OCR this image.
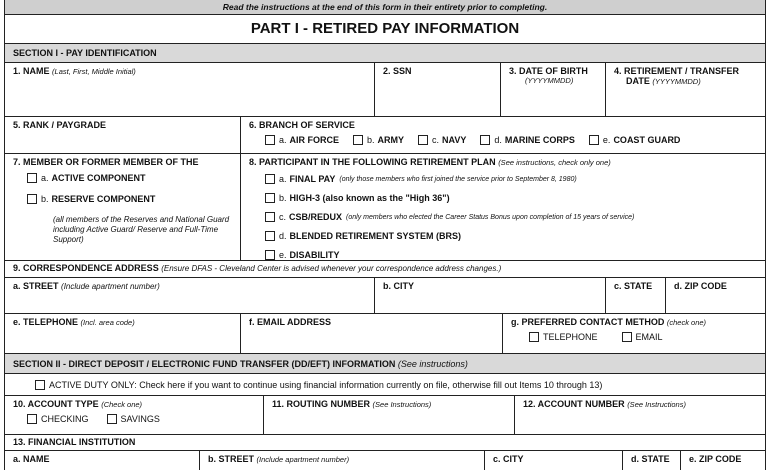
Read the instructions at the end of this form in their entirety prior to completing.
PART I - RETIRED PAY INFORMATION
SECTION I - PAY IDENTIFICATION
1. NAME (Last, First, Middle Initial)	2. SSN	3. DATE OF BIRTH
(YYYYMMDD)
4. RETIREMENT / TRANSFER
DATE (YYYYMMDD)
5. RANK / PAYGRADE	6. BRANCH OF SERVICE
a. AIR FORCE	b. ARMY	c. NAVY	d. MARINE CORPS	e. COAST GUARD
7. MEMBER OR FORMER MEMBER OF THE
a. ACTIVE COMPONENT
b. RESERVE COMPONENT
(all members of the Reserves and National Guard including Active Guard/ Reserve and Full-Time Support)
8. PARTICIPANT IN THE FOLLOWING RETIREMENT PLAN (See instructions, check only one)
a. FINAL PAY (only those members who first joined the service prior to September 8, 1980)
b. HIGH-3 (also known as the "High 36")
c. CSB/REDUX (only members who elected the Career Status Bonus upon completion of 15 years of service)
d. BLENDED RETIREMENT SYSTEM (BRS)
e. DISABILITY
9. CORRESPONDENCE ADDRESS (Ensure DFAS - Cleveland Center is advised whenever your correspondence address changes.)
a. STREET (Include apartment number)	b. CITY	c. STATE	d. ZIP CODE
e. TELEPHONE (Incl. area code)	f. EMAIL ADDRESS	g. PREFERRED CONTACT METHOD (check one)
TELEPHONE	EMAIL
SECTION II - DIRECT DEPOSIT / ELECTRONIC FUND TRANSFER (DD/EFT) INFORMATION (See instructions)
ACTIVE DUTY ONLY: Check here if you want to continue using financial information currently on file, otherwise fill out Items 10 through 13)
10. ACCOUNT TYPE (Check one)
CHECKING	SAVINGS
11. ROUTING NUMBER (See Instructions)	12. ACCOUNT NUMBER (See Instructions)
13. FINANCIAL INSTITUTION
a. NAME	b. STREET (Include apartment number)	c. CITY	d. STATE	e. ZIP CODE
